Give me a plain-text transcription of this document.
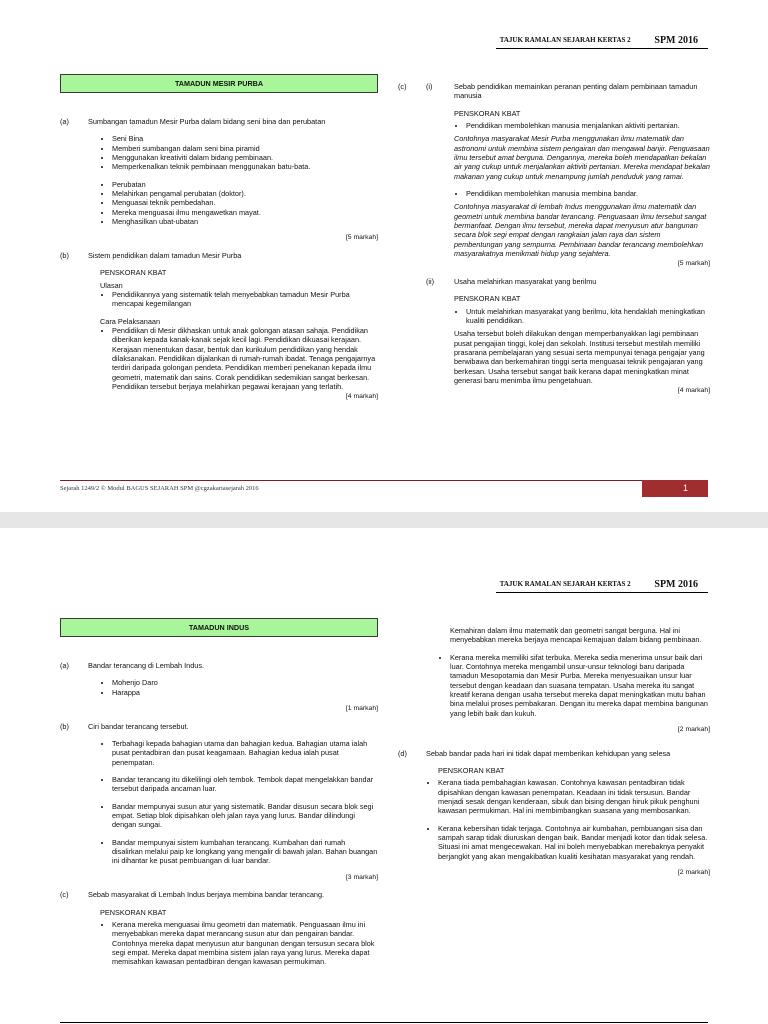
TAJUK RAMALAN SEJARAH KERTAS 2 SPM 2016
TAMADUN MESIR PURBA
(a)	Sumbangan tamadun Mesir Purba dalam bidang seni bina dan perubatan
• Seni Bina
• Memberi sumbangan dalam seni bina piramid
• Menggunakan kreativiti dalam bidang pembinaan.
• Memperkenalkan teknik pembinaan menggunakan batu-bata.
• Perubatan
• Melahirkan pengamal perubatan (doktor).
• Menguasai teknik pembedahan.
• Mereka menguasai ilmu mengawetkan mayat.
• Menghasilkan ubat-ubatan
[5 markah]
(b)	Sistem pendidikan dalam tamadun Mesir Purba
PENSKORAN KBAT
Ulasan
• Pendidikannya yang sistematik telah menyebabkan tamadun Mesir Purba mencapai kegemilangan
Cara Pelaksanaan
• Pendidikan di Mesir dikhaskan untuk anak golongan atasan sahaja. Pendidikan diberikan kepada kanak-kanak sejak kecil lagi. Pendidikan dikuasai kerajaan. Kerajaan menentukan dasar, bentuk dan kurikulum pendidikan yang hendak dilaksanakan. Pendidikan dijalankan di rumah-rumah ibadat. Tenaga pengajarnya terdiri daripada golongan pendeta. Pendidikan memberi penekanan kepada ilmu geometri, matematik dan sains. Corak pendidikan sedemikian sangat berkesan. Pendidikan tersebut berjaya melahirkan pegawai kerajaan yang terlatih.
[4 markah]
(c)	(i)	Sebab pendidikan memainkan peranan penting dalam pembinaan tamadun manusia
PENSKORAN KBAT
• Pendidikan membolehkan manusia menjalankan aktiviti pertanian.
Contohnya masyarakat Mesir Purba menggunakan ilmu matematik dan astronomi untuk membina sistem pengairan dan mengawal banjir. Penguasaan ilmu tersebut amat berguna. Dengannya, mereka boleh mendapatkan bekalan air yang cukup untuk menjalankan aktiviti pertanian. Mereka mendapat bekalan makanan yang cukup untuk menampung jumlah penduduk yang ramai.
• Pendidikan membolehkan manusia membina bandar.
Contohnya masyarakat di lembah Indus menggunakan ilmu matematik dan geometri untuk membina bandar terancang. Penguasaan ilmu tersebut sangat bermanfaat. Dengan ilmu tersebut, mereka dapat menyusun atur bangunan secara blok segi empat dengan rangkaian jalan raya dan sistem pembentungan yang sempurna. Pembinaan bandar terancang membolehkan masyarakatnya menikmati hidup yang sejahtera.
[5 markah]
(ii)	Usaha melahirkan masyarakat yang berilmu
PENSKORAN KBAT
• Untuk melahirkan masyarakat yang berilmu, kita hendaklah meningkatkan kualiti pendidikan.
Usaha tersebut boleh dilakukan dengan memperbanyakkan lagi pembinaan pusat pengajian tinggi, kolej dan sekolah. Institusi tersebut mestilah memiliki prasarana pembelajaran yang sesuai serta mempunyai tenaga pengajar yang berwibawa dan berkemahiran tinggi serta menguasai teknik pengajaran yang berkesan. Usaha tersebut sangat baik kerana dapat meningkatkan minat generasi baru menimba ilmu pengetahuan.
[4 markah]
Sejarah 1249/2 © Modul BAGUS SEJARAH SPM @cgzakariasejarah 2016	1
TAJUK RAMALAN SEJARAH KERTAS 2 SPM 2016
TAMADUN INDUS
(a)	Bandar terancang di Lembah Indus.
• Mohenjo Daro
• Harappa
[1 markah]
(b)	Ciri bandar terancang tersebut.
• Terbahagi kepada bahagian utama dan bahagian kedua. Bahagian utama ialah pusat pentadbiran dan pusat keagamaan. Bahagian kedua ialah pusat penempatan.
• Bandar terancang itu dikelilingi oleh tembok. Tembok dapat mengelakkan bandar tersebut daripada ancaman luar.
• Bandar mempunyai susun atur yang sistematik. Bandar disusun secara blok segi empat. Setiap blok dipisahkan oleh jalan raya yang lurus. Bandar dilindungi dengan sungai.
• Bandar mempunyai sistem kumbahan terancang. Kumbahan dari rumah disalirkan melalui paip ke longkang yang mengalir di bawah jalan. Bahan buangan ini dihantar ke pusat pembuangan di luar bandar.
[3 markah]
(c)	Sebab masyarakat di Lembah Indus berjaya membina bandar terancang.
PENSKORAN KBAT
• Kerana mereka menguasai ilmu geometri dan matematik. Penguasaan ilmu ini menyebabkan mereka dapat merancang susun atur dan pengairan bandar. Contohnya mereka dapat menyusun atur bangunan dengan tersusun secara blok segi empat. Mereka dapat membina sistem jalan raya yang lurus. Mereka dapat memisahkan kawasan pentadbiran dengan kawasan permukiman.
Kemahiran dalam ilmu matematik dan geometri sangat berguna. Hal ini menyebabkan mereka berjaya mencapai kemajuan dalam bidang pembinaan.
• Kerana mereka memiliki sifat terbuka. Mereka sedia menerima unsur baik dari luar. Contohnya mereka mengambil unsur-unsur teknologi baru daripada tamadun Mesopotamia dan Mesir Purba. Mereka menyesuaikan unsur luar tersebut dengan keadaan dan suasana tempatan. Usaha mereka itu sangat kreatif kerana dengan usaha tersebut mereka dapat meningkatkan mutu bahan bina melalui proses pembakaran. Dengan itu mereka dapat membina bangunan yang lebih baik dan kukuh.
[2 markah]
(d)	Sebab bandar pada hari ini tidak dapat memberikan kehidupan yang selesa
PENSKORAN KBAT
• Kerana tiada pembahagian kawasan. Contohnya kawasan pentadbiran tidak dipisahkan dengan kawasan penempatan. Keadaan ini tidak tersusun. Bandar menjadi sesak dengan kenderaan, sibuk dan bising dengan hiruk pikuk penghuni kawasan permukiman. Hal ini membimbangkan suasana yang membosankan.
• Kerana kebersihan tidak terjaga. Contohnya air kumbahan, pembuangan sisa dan sampah sarap tidak diuruskan dengan baik. Bandar menjadi kotor dan tidak selesa. Situasi ini amat mengecewakan. Hal ini boleh menyebabkan merebaknya penyakit berjangkit yang akan mengakibatkan kualiti kesihatan masyarakat yang rendah.
[2 markah]
